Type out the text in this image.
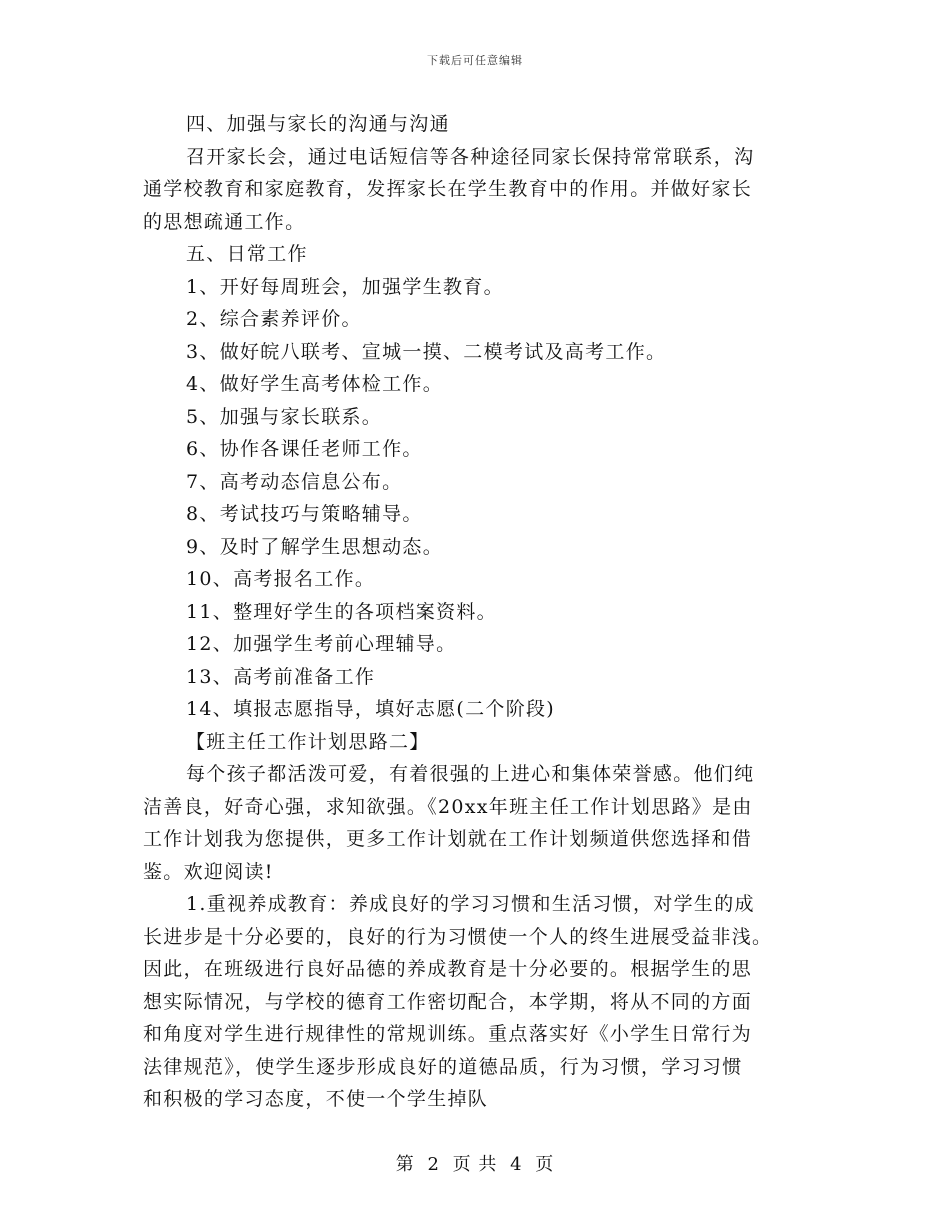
下载后可任意编辑
四、加强与家长的沟通与沟通
召开家长会，通过电话短信等各种途径同家长保持常常联系，沟
通学校教育和家庭教育，发挥家长在学生教育中的作用。并做好家长
的思想疏通工作。
五、日常工作
1、开好每周班会，加强学生教育。
2、综合素养评价。
3、做好皖八联考、宣城一摸、二模考试及高考工作。
4、做好学生高考体检工作。
5、加强与家长联系。
6、协作各课任老师工作。
7、高考动态信息公布。
8、考试技巧与策略辅导。
9、及时了解学生思想动态。
10、高考报名工作。
11、整理好学生的各项档案资料。
12、加强学生考前心理辅导。
13、高考前准备工作
14、填报志愿指导，填好志愿(二个阶段)
【班主任工作计划思路二】
每个孩子都活泼可爱，有着很强的上进心和集体荣誉感。他们纯
洁善良，好奇心强，求知欲强。《20xx年班主任工作计划思路》是由
工作计划我为您提供，更多工作计划就在工作计划频道供您选择和借
鉴。欢迎阅读!
1.重视养成教育：养成良好的学习习惯和生活习惯，对学生的成
长进步是十分必要的，良好的行为习惯使一个人的终生进展受益非浅。
因此，在班级进行良好品德的养成教育是十分必要的。根据学生的思
想实际情况，与学校的德育工作密切配合，本学期，将从不同的方面
和角度对学生进行规律性的常规训练。重点落实好《小学生日常行为
法律规范》，使学生逐步形成良好的道德品质，行为习惯，学习习惯
和积极的学习态度，不使一个学生掉队
第 2 页 共 4 页
